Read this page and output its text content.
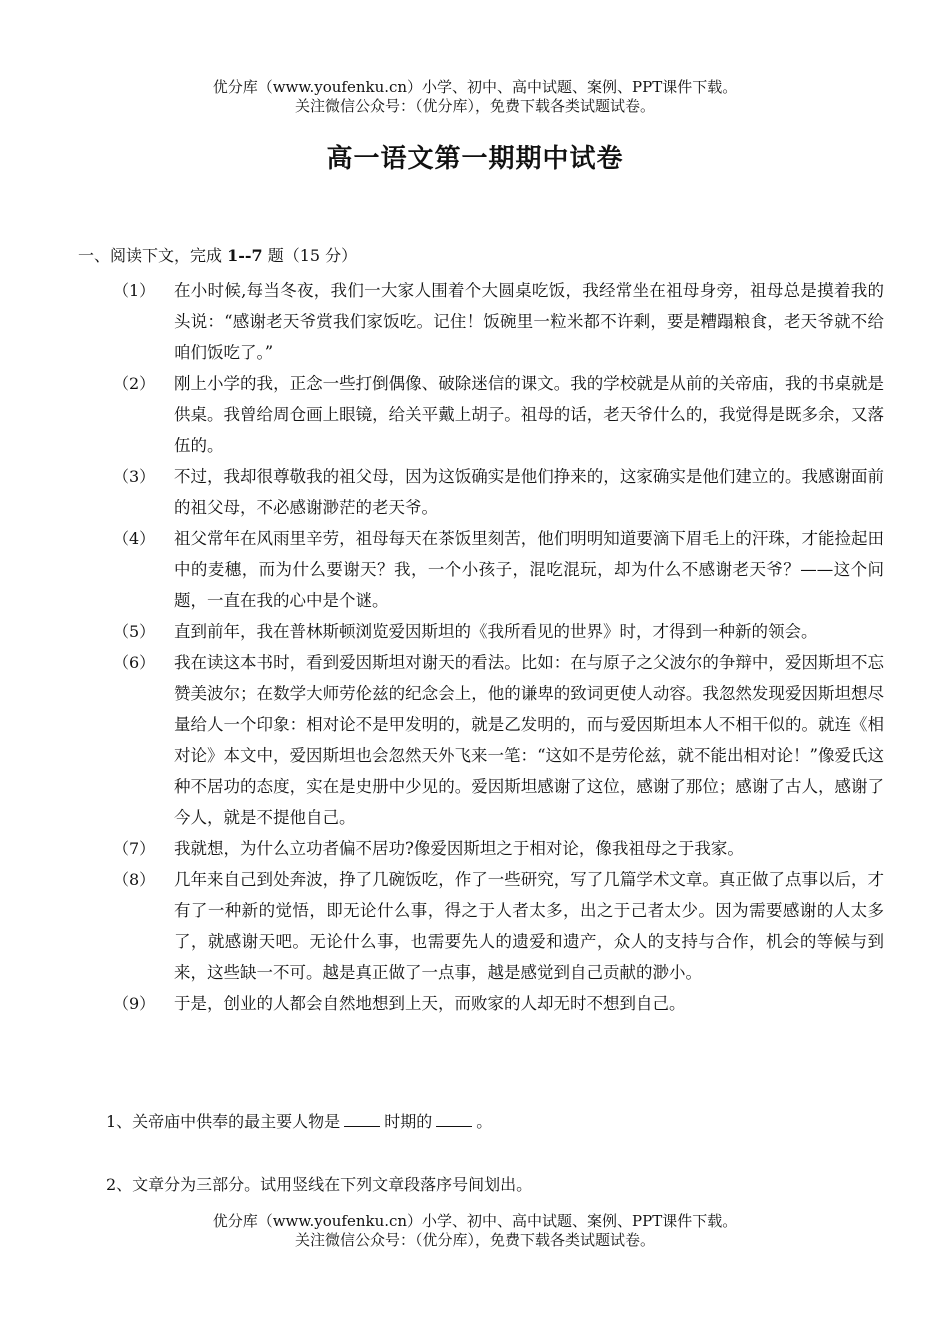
优分库（www.youfenku.cn）小学、初中、高中试题、案例、PPT课件下载。
关注微信公众号：（优分库），免费下载各类试题试卷。
高一语文第一期期中试卷
一、阅读下文，完成 1--7 题（15 分）
（1） 在小时候,每当冬夜，我们一大家人围着个大圆桌吃饭，我经常坐在祖母身旁，祖母总是摸着我的头说：“感谢老天爷赏我们家饭吃。记住！饭碗里一粒米都不许剩，要是糟蹋粮食，老天爷就不给咱们饭吃了。”
（2） 刚上小学的我，正念一些打倒偶像、破除迷信的课文。我的学校就是从前的关帝庙，我的书桌就是供桌。我曾给周仓画上眼镜，给关平戴上胡子。祖母的话，老天爷什么的，我觉得是既多余，又落伍的。
（3） 不过，我却很尊敬我的祖父母，因为这饭确实是他们挣来的，这家确实是他们建立的。我感谢面前的祖父母，不必感谢渺茫的老天爷。
（4） 祖父常年在风雨里辛劳，祖母每天在茶饭里刻苦，他们明明知道要滴下眉毛上的汗珠，才能捡起田中的麦穗，而为什么要谢天？我，一个小孩子，混吃混玩，却为什么不感谢老天爷？——这个问题，一直在我的心中是个谜。
（5） 直到前年，我在普林斯顿浏览爱因斯坦的《我所看见的世界》时，才得到一种新的领会。
（6） 我在读这本书时，看到爱因斯坦对谢天的看法。比如：在与原子之父波尔的争辩中，爱因斯坦不忘赞美波尔；在数学大师劳伦兹的纪念会上，他的谦卑的致词更使人动容。我忽然发现爱因斯坦想尽量给人一个印象：相对论不是甲发明的，就是乙发明的，而与爱因斯坦本人不相干似的。就连《相对论》本文中，爱因斯坦也会忽然天外飞来一笔：“这如不是劳伦兹，就不能出相对论！”像爱氏这种不居功的态度，实在是史册中少见的。爱因斯坦感谢了这位，感谢了那位；感谢了古人，感谢了今人，就是不提他自己。
（7） 我就想，为什么立功者偏不居功?像爱因斯坦之于相对论，像我祖母之于我家。
（8） 几年来自己到处奔波，挣了几碗饭吃，作了一些研究，写了几篇学术文章。真正做了点事以后，才有了一种新的觉悟，即无论什么事，得之于人者太多，出之于己者太少。因为需要感谢的人太多了，就感谢天吧。无论什么事，也需要先人的遗爱和遗产，众人的支持与合作，机会的等候与到来，这些缺一不可。越是真正做了一点事，越是感觉到自己贡献的渺小。
（9） 于是，创业的人都会自然地想到上天，而败家的人却无时不想到自己。
1、关帝庙中供奉的最主要人物是	时期的	。
2、文章分为三部分。试用竖线在下列文章段落序号间划出。
优分库（www.youfenku.cn）小学、初中、高中试题、案例、PPT课件下载。
关注微信公众号：（优分库），免费下载各类试题试卷。
